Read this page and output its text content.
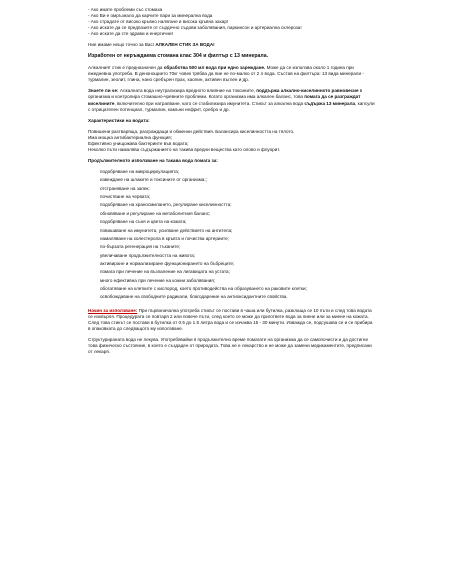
- Ако имате проблеми със стомаха

- Ако Ви е омръзнало да карчите пари за минерална вода

- Ако страдате от високо кръвно налягане и висока кръвна захар!

- Ако искате да се предпазите от сърдечно съдови заболявания, паркинсон и артериална склероза!

- Ако искате да сте здрави и енергични!

Ние имаме нещо точно за Вас! АЛКАЛЕН СТИК ЗА ВОДА!

Изработен от неръждаема стомана клас 304 и филтър с 13 минерала.

Алкалният стик е предназначен да обработва 500 мл вода при едно зареждане. Може да се използва около 1 година при ежедневна употреба. В денонощието 70кг човек трябва да пие не по-малко от 2 л вода. Състав на филтъра: 13 вида минерали - турмалин, зеолит, глина, нано сребърен прах, каолин, активен въглен и др.

Знаете ли че: Алкалната вода неутрализира вредното влияние на токсините, поддържа алкално-киселинното равновесие в организма и контролира стомашно-чревните проблеми. Когато организма има алкален баланс, това помага да се разграждат киселините, включително при натрапване, като се стабилизира имунитета. Стикът за алкална вода съдържа 13 минерала, капсули с отрицателен потенциал, турмалин, камъни нефрит, сребро и др.

Характеристики на водата:

Повишени разтваряща, разграждащи и обменни действия. Балансира киселинността на тялото.

Има мощна антибактериална функция;

Ефективно унищожава бактериите във водата;

Неколко пъти намалява съдържанието на такива вредни вещества като олово и флуорит.

Продължителното използване на такава вода помага за:

подобряване на микроциркулацията;

извеждане на шлаките и токсините от организма;;

отстраняване на запек;

почистване на червата;

подобряване на храносмилането, регулиране киселинността;

обновяване и регулиране на метаболитния баланс;

подобряване на съня и цвета на кожата;

повишаване на имунитета, усилване действието на антитела;

намаляване на холестерола в кръвта и почиства артериите;

по-бързата регенерация на тъканите;

увеличаване продължителността на живота;

активиране и нормализиране функционирането на бъбреците;

помага при лечение на възпаление на лигавицата на устата;

много ефективна при лечение на кожни заболявания;

обогатяване на клетките с кислород, което противодейства на образуването на раковите клетки;

освобождаване на свободните радикали, благодарение на антиоксидантните свойства.

Начин за използване: При първоначална употреба стикът се постави в чаша или бутилка, разклаща се 10 пъти и след това водата се изхвърля. Процедурата се повтаря 2 или повече пъти, след което се може да пригответе вода за пиене или за миене на кожата. След това стикът се постави в бутилка от 0.5 до 1.5 литра вода и се изчаква 15 - 30 минути. Изважда се, подсушава се и се прибира в опаковката до следващото му използване.

Структурираната вода не лекува. Употребявайки я продължително време помагате на организма да се самопочисти и да достигне това физическо състояние, в което е създаден от природата. Това не е лекарство и не може да замени медикаментите, предписани от лекаря.
